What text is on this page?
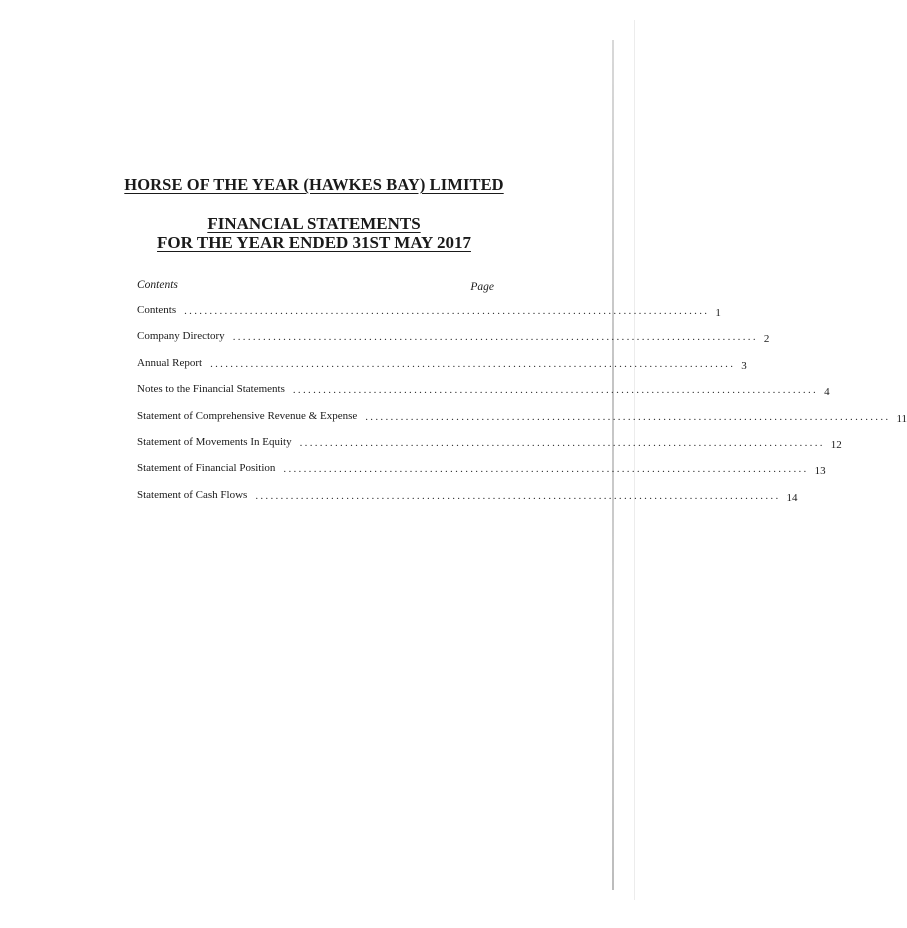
HORSE OF THE YEAR (HAWKES BAY) LIMITED
FINANCIAL STATEMENTS
FOR THE YEAR ENDED 31ST MAY 2017
Contents	Page
Contents ........................................................................................................ 1
Company Directory ........................................................................................................ 2
Annual Report ........................................................................................................ 3
Notes to the Financial Statements ........................................................................................................ 4
Statement of Comprehensive Revenue & Expense ........................................................................................................ 11
Statement of Movements In Equity ........................................................................................................ 12
Statement of Financial Position ........................................................................................................ 13
Statement of Cash Flows ........................................................................................................ 14
